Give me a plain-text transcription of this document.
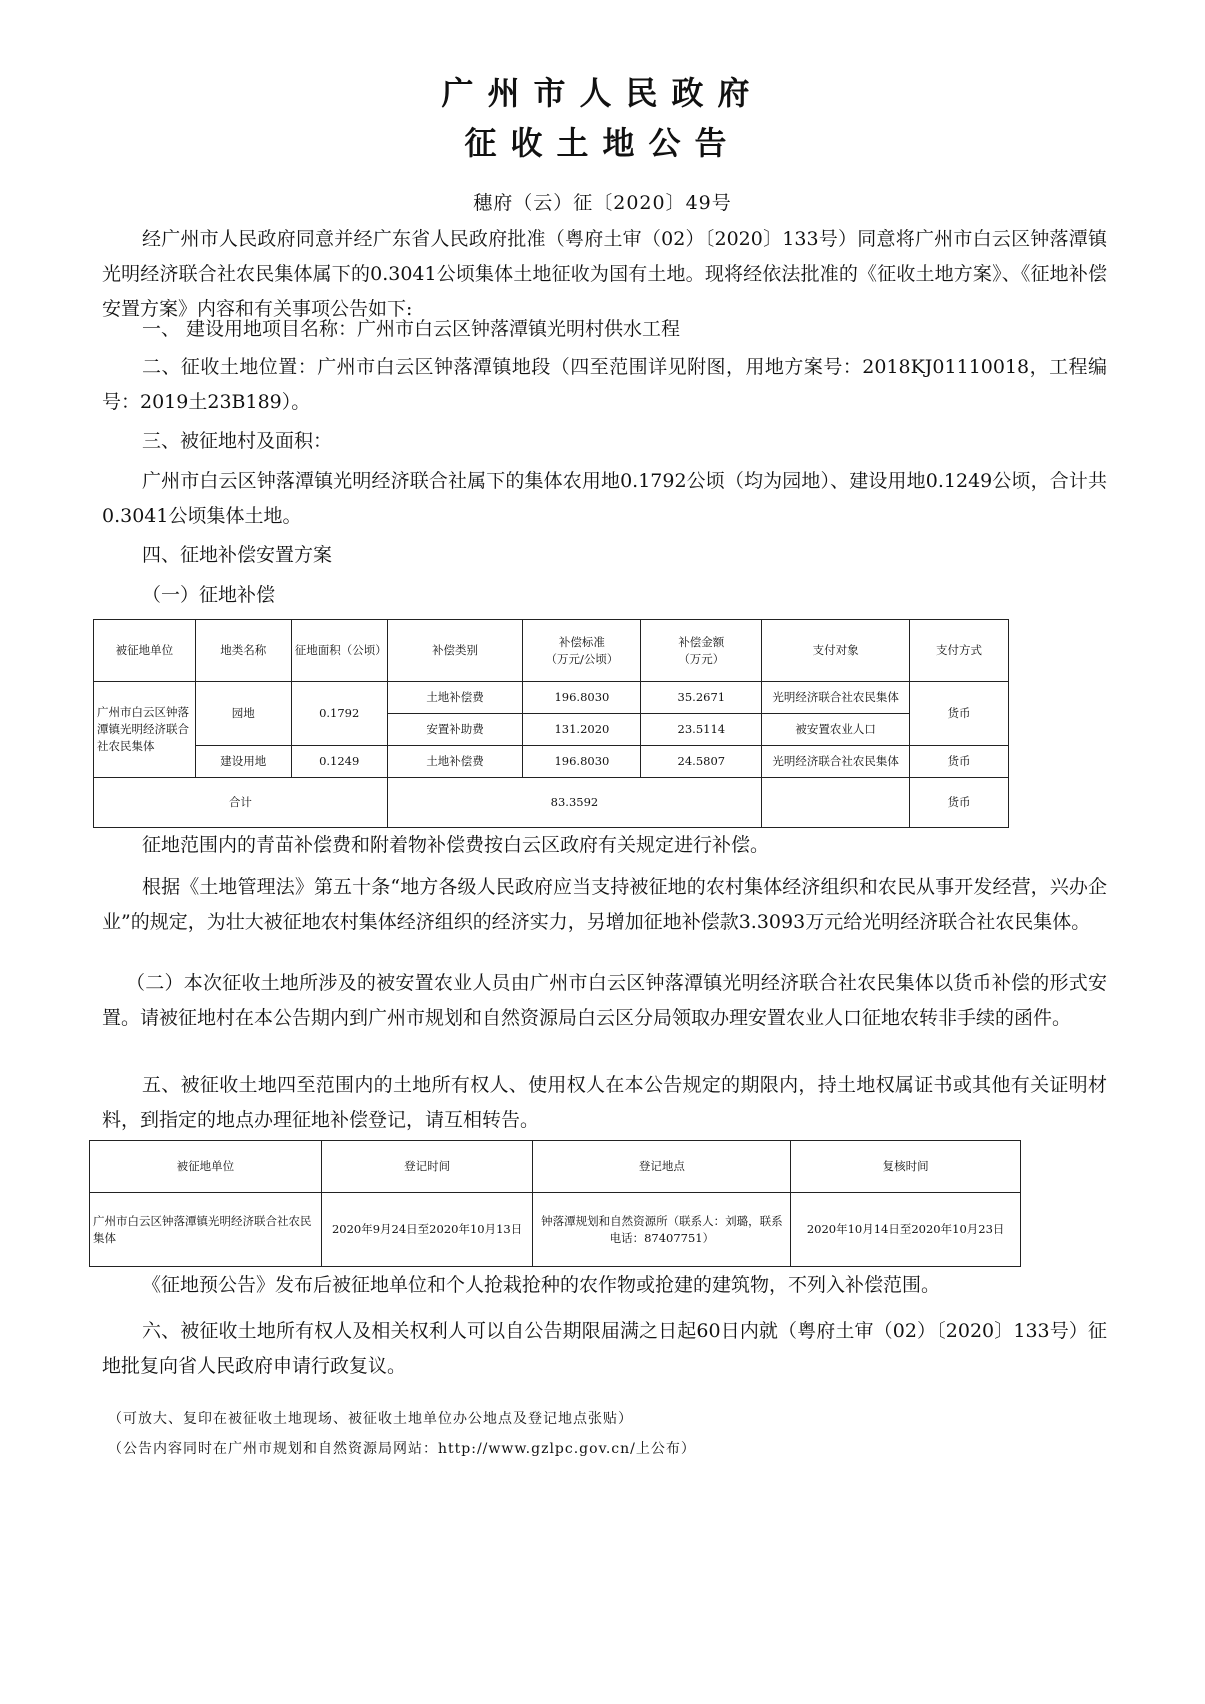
广州市人民政府
征收土地公告
穗府（云）征〔2020〕49号
经广州市人民政府同意并经广东省人民政府批准（粤府土审（02）〔2020〕133号）同意将广州市白云区钟落潭镇光明经济联合社农民集体属下的0.3041公顷集体土地征收为国有土地。现将经依法批准的《征收土地方案》、《征地补偿安置方案》内容和有关事项公告如下:
一、 建设用地项目名称：广州市白云区钟落潭镇光明村供水工程
二、征收土地位置：广州市白云区钟落潭镇地段（四至范围详见附图，用地方案号：2018KJ01110018，工程编号：2019土23B189）。
三、被征地村及面积：
广州市白云区钟落潭镇光明经济联合社属下的集体农用地0.1792公顷（均为园地）、建设用地0.1249公顷，合计共0.3041公顷集体土地。
四、征地补偿安置方案
（一）征地补偿
被征地单位	地类名称	征地面积（公顷）	补偿类别	补偿标准
（万元/公顷）	补偿金额
（万元）	支付对象	支付方式
广州市白云区钟落潭镇光明经济联合社农民集体	园地	0.1792	土地补偿费	196.8030	35.2671	光明经济联合社农民集体	货币
			安置补助费	131.2020	23.5114	被安置农业人口	
	建设用地	0.1249	土地补偿费	196.8030	24.5807	光明经济联合社农民集体	货币
合计			83.3592				货币
征地范围内的青苗补偿费和附着物补偿费按白云区政府有关规定进行补偿。
根据《土地管理法》第五十条“地方各级人民政府应当支持被征地的农村集体经济组织和农民从事开发经营，兴办企业”的规定，为壮大被征地农村集体经济组织的经济实力，另增加征地补偿款3.3093万元给光明经济联合社农民集体。
（二）本次征收土地所涉及的被安置农业人员由广州市白云区钟落潭镇光明经济联合社农民集体以货币补偿的形式安置。请被征地村在本公告期内到广州市规划和自然资源局白云区分局领取办理安置农业人口征地农转非手续的函件。
五、被征收土地四至范围内的土地所有权人、使用权人在本公告规定的期限内，持土地权属证书或其他有关证明材料，到指定的地点办理征地补偿登记，请互相转告。
被征地单位	登记时间	登记地点	复核时间
广州市白云区钟落潭镇光明经济联合社农民集体	2020年9月24日至2020年10月13日	钟落潭规划和自然资源所（联系人：刘璐，联系电话：87407751）	2020年10月14日至2020年10月23日
《征地预公告》发布后被征地单位和个人抢栽抢种的农作物或抢建的建筑物，不列入补偿范围。
六、被征收土地所有权人及相关权利人可以自公告期限届满之日起60日内就（粤府土审（02）〔2020〕133号）征地批复向省人民政府申请行政复议。
（可放大、复印在被征收土地现场、被征收土地单位办公地点及登记地点张贴）
（公告内容同时在广州市规划和自然资源局网站：http://www.gzlpc.gov.cn/上公布）
